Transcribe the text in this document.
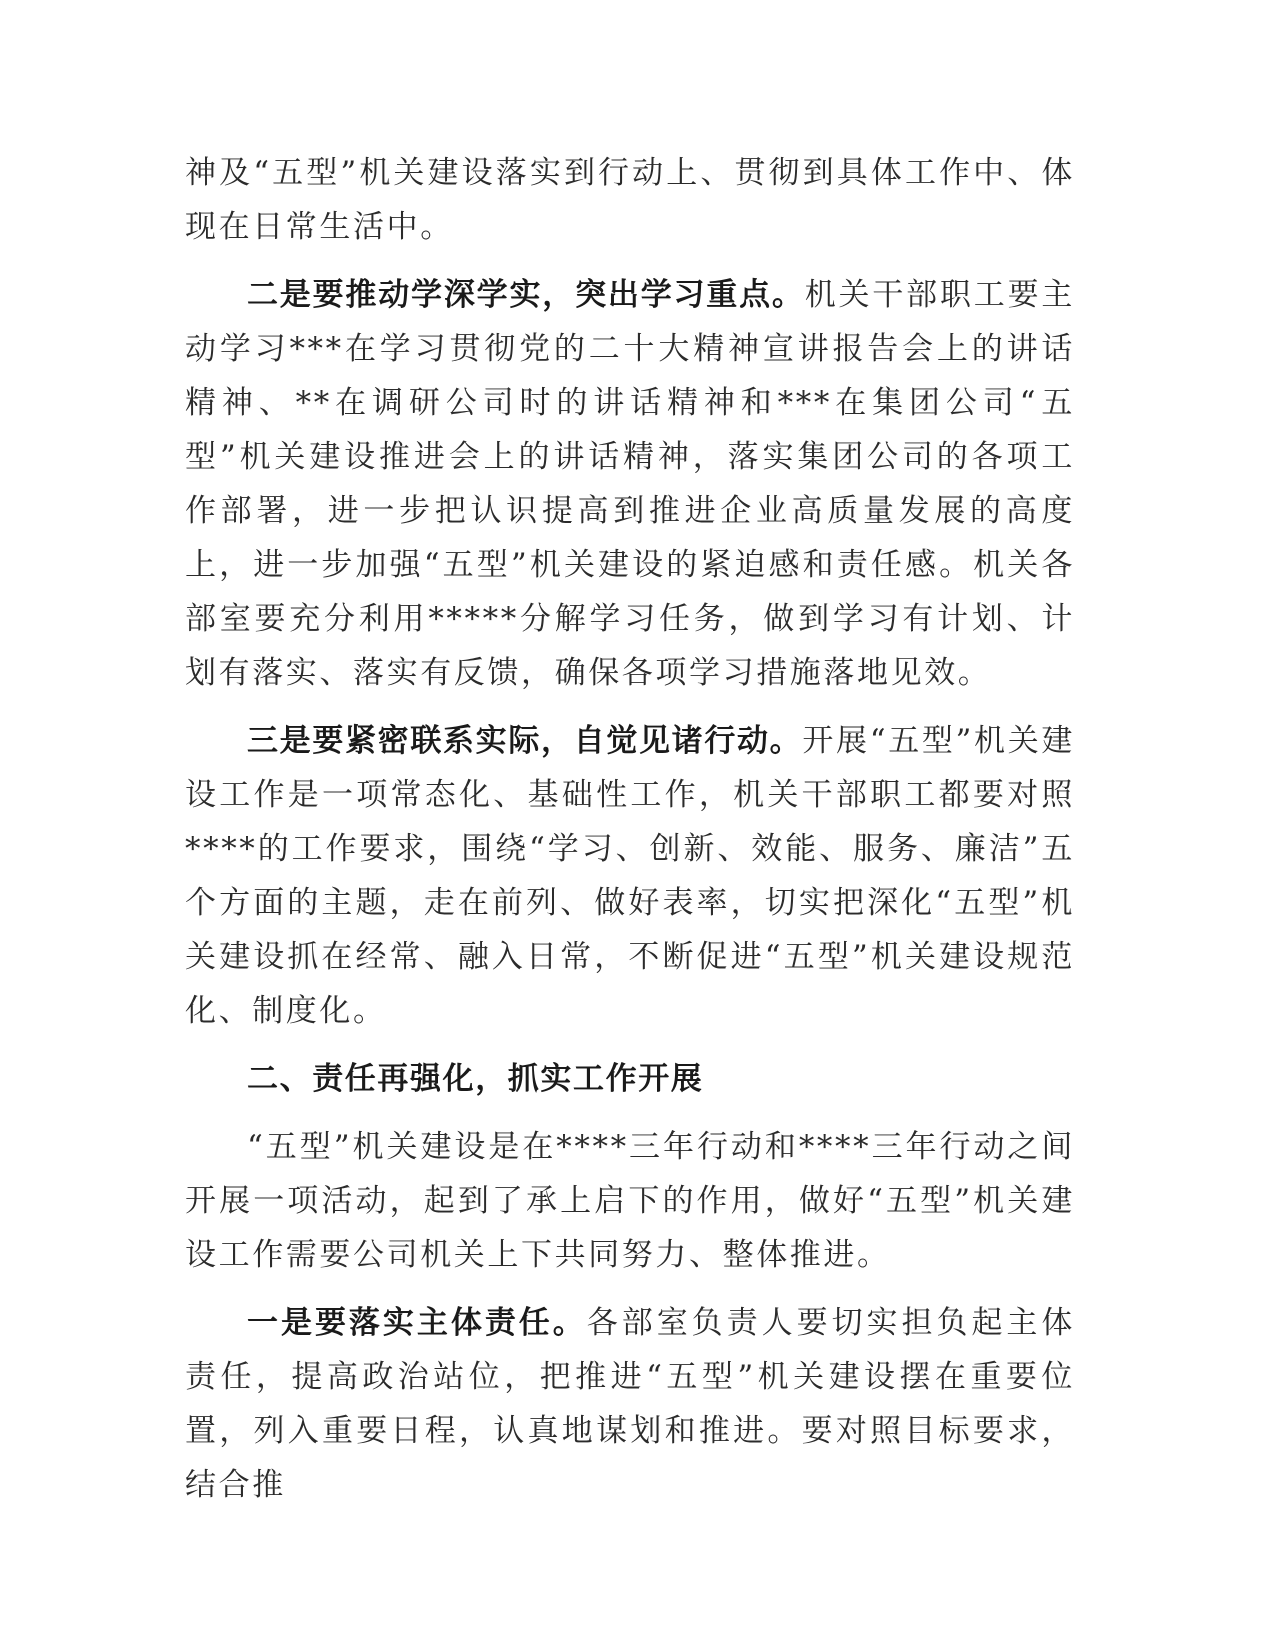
神及“五型”机关建设落实到行动上、贯彻到具体工作中、体现在日常生活中。

二是要推动学深学实，突出学习重点。机关干部职工要主动学习***在学习贯彻党的二十大精神宣讲报告会上的讲话精神、**在调研公司时的讲话精神和***在集团公司“五型”机关建设推进会上的讲话精神，落实集团公司的各项工作部署，进一步把认识提高到推进企业高质量发展的高度上，进一步加强“五型”机关建设的紧迫感和责任感。机关各部室要充分利用*****分解学习任务，做到学习有计划、计划有落实、落实有反馈，确保各项学习措施落地见效。

三是要紧密联系实际，自觉见诸行动。开展“五型”机关建设工作是一项常态化、基础性工作，机关干部职工都要对照****的工作要求，围绕“学习、创新、效能、服务、廉洁”五个方面的主题，走在前列、做好表率，切实把深化“五型”机关建设抓在经常、融入日常，不断促进“五型”机关建设规范化、制度化。

二、责任再强化，抓实工作开展

“五型”机关建设是在****三年行动和****三年行动之间开展一项活动，起到了承上启下的作用，做好“五型”机关建设工作需要公司机关上下共同努力、整体推进。

一是要落实主体责任。各部室负责人要切实担负起主体责任，提高政治站位，把推进“五型”机关建设摆在重要位置，列入重要日程，认真地谋划和推进。要对照目标要求，结合推
